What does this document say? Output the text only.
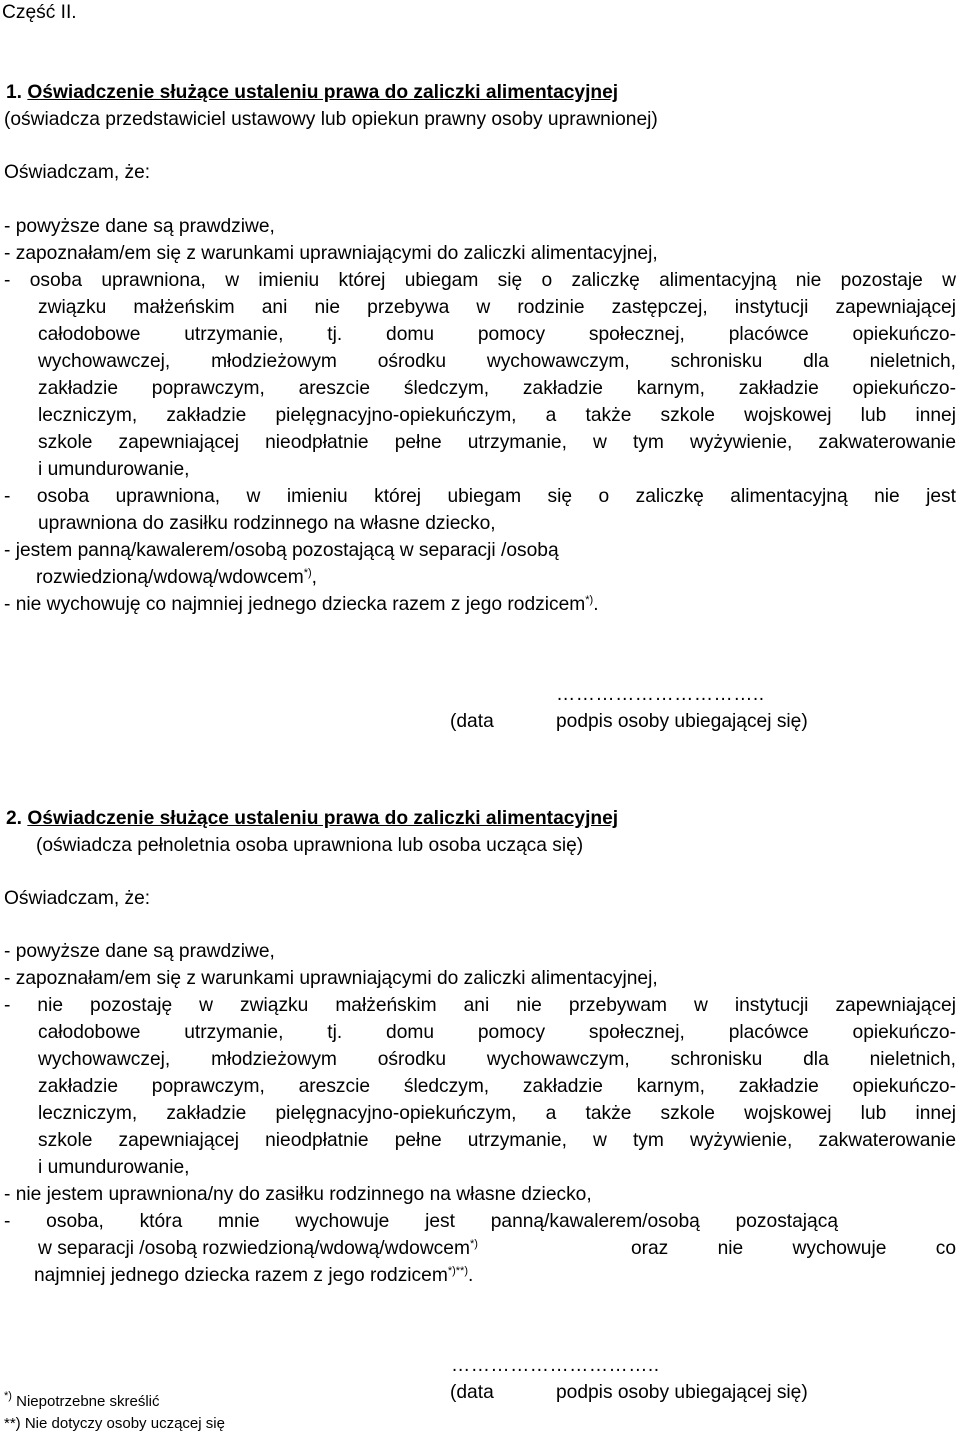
Część II.
1. Oświadczenie służące ustaleniu prawa do zaliczki alimentacyjnej
(oświadcza przedstawiciel ustawowy lub opiekun prawny osoby uprawnionej)
Oświadczam, że:
- powyższe dane są prawdziwe,
- zapoznałam/em się z warunkami uprawniającymi do zaliczki alimentacyjnej,
- osoba uprawniona, w imieniu której ubiegam się o zaliczkę alimentacyjną nie pozostaje w
związku małżeńskim ani nie przebywa w rodzinie zastępczej, instytucji zapewniającej
całodobowe utrzymanie, tj. domu pomocy społecznej, placówce opiekuńczo-
wychowawczej, młodzieżowym ośrodku wychowawczym, schronisku dla nieletnich,
zakładzie poprawczym, areszcie śledczym, zakładzie karnym, zakładzie opiekuńczo-
leczniczym, zakładzie pielęgnacyjno-opiekuńczym, a także szkole wojskowej lub innej
szkole zapewniającej nieodpłatnie pełne utrzymanie, w tym wyżywienie, zakwaterowanie
i umundurowanie,
- osoba uprawniona, w imieniu której ubiegam się o zaliczkę alimentacyjną nie jest
uprawniona do zasiłku rodzinnego na własne dziecko,
- jestem panną/kawalerem/osobą pozostającą w separacji /osobą
rozwiedzioną/wdową/wdowcem*),
- nie wychowuję co najmniej jednego dziecka razem z jego rodzicem*).
…………………………..
(data	podpis osoby ubiegającej się)
2. Oświadczenie służące ustaleniu prawa do zaliczki alimentacyjnej
(oświadcza pełnoletnia osoba uprawniona lub osoba ucząca się)
Oświadczam, że:
- powyższe dane są prawdziwe,
- zapoznałam/em się z warunkami uprawniającymi do zaliczki alimentacyjnej,
- nie pozostaję w związku małżeńskim ani nie przebywam w instytucji zapewniającej
całodobowe utrzymanie, tj. domu pomocy społecznej, placówce opiekuńczo-
wychowawczej, młodzieżowym ośrodku wychowawczym, schronisku dla nieletnich,
zakładzie poprawczym, areszcie śledczym, zakładzie karnym, zakładzie opiekuńczo-
leczniczym, zakładzie pielęgnacyjno-opiekuńczym, a także szkole wojskowej lub innej
szkole zapewniającej nieodpłatnie pełne utrzymanie, w tym wyżywienie, zakwaterowanie
i umundurowanie,
- nie jestem uprawniona/ny do zasiłku rodzinnego na własne dziecko,
- osoba, która mnie wychowuje jest panną/kawalerem/osobą pozostającą
w separacji /osobą rozwiedzioną/wdową/wdowcem*)	oraz nie wychowuje co
najmniej jednego dziecka razem z jego rodzicem*)**).
…………………………..
(data	podpis osoby ubiegającej się)
*) Niepotrzebne skreślić
**) Nie dotyczy osoby uczącej się
